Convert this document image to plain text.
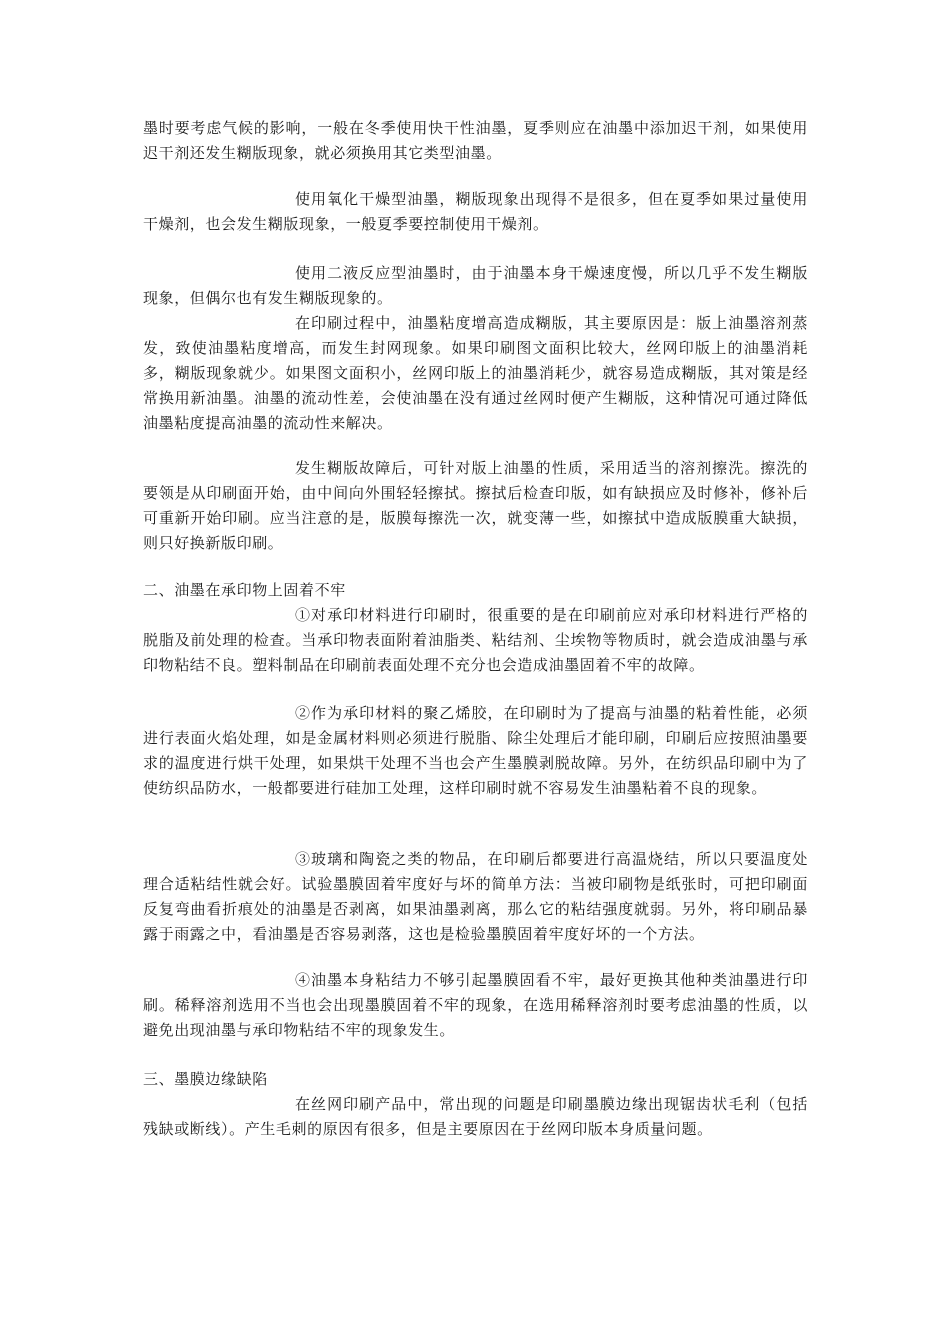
墨时要考虑气候的影响，一般在冬季使用快干性油墨，夏季则应在油墨中添加迟干剂，如果使用迟干剂还发生糊版现象，就必须换用其它类型油墨。

使用氧化干燥型油墨，糊版现象出现得不是很多，但在夏季如果过量使用干燥剂，也会发生糊版现象，一般夏季要控制使用干燥剂。

使用二液反应型油墨时，由于油墨本身干燥速度慢，所以几乎不发生糊版现象，但偶尔也有发生糊版现象的。

在印刷过程中，油墨粘度增高造成糊版，其主要原因是：版上油墨溶剂蒸发，致使油墨粘度增高，而发生封网现象。如果印刷图文面积比较大，丝网印版上的油墨消耗多，糊版现象就少。如果图文面积小，丝网印版上的油墨消耗少，就容易造成糊版，其对策是经常换用新油墨。油墨的流动性差，会使油墨在没有通过丝网时便产生糊版，这种情况可通过降低油墨粘度提高油墨的流动性来解决。

发生糊版故障后，可针对版上油墨的性质，采用适当的溶剂擦洗。擦洗的要领是从印刷面开始，由中间向外围轻轻擦拭。擦拭后检查印版，如有缺损应及时修补，修补后可重新开始印刷。应当注意的是，版膜每擦洗一次，就变薄一些，如擦拭中造成版膜重大缺损，则只好换新版印刷。

二、油墨在承印物上固着不牢

①对承印材料进行印刷时，很重要的是在印刷前应对承印材料进行严格的脱脂及前处理的检查。当承印物表面附着油脂类、粘结剂、尘埃物等物质时，就会造成油墨与承印物粘结不良。塑料制品在印刷前表面处理不充分也会造成油墨固着不牢的故障。

②作为承印材料的聚乙烯胶，在印刷时为了提高与油墨的粘着性能，必须进行表面火焰处理，如是金属材料则必须进行脱脂、除尘处理后才能印刷，印刷后应按照油墨要求的温度进行烘干处理，如果烘干处理不当也会产生墨膜剥脱故障。另外，在纺织品印刷中为了使纺织品防水，一般都要进行硅加工处理，这样印刷时就不容易发生油墨粘着不良的现象。

③玻璃和陶瓷之类的物品，在印刷后都要进行高温烧结，所以只要温度处理合适粘结性就会好。试验墨膜固着牢度好与坏的简单方法：当被印刷物是纸张时，可把印刷面反复弯曲看折痕处的油墨是否剥离，如果油墨剥离，那么它的粘结强度就弱。另外，将印刷品暴露于雨露之中，看油墨是否容易剥落，这也是检验墨膜固着牢度好坏的一个方法。

④油墨本身粘结力不够引起墨膜固看不牢，最好更换其他种类油墨进行印刷。稀释溶剂选用不当也会出现墨膜固着不牢的现象，在选用稀释溶剂时要考虑油墨的性质，以避免出现油墨与承印物粘结不牢的现象发生。

三、墨膜边缘缺陷

在丝网印刷产品中，常出现的问题是印刷墨膜边缘出现锯齿状毛利（包括残缺或断线）。产生毛刺的原因有很多，但是主要原因在于丝网印版本身质量问题。
